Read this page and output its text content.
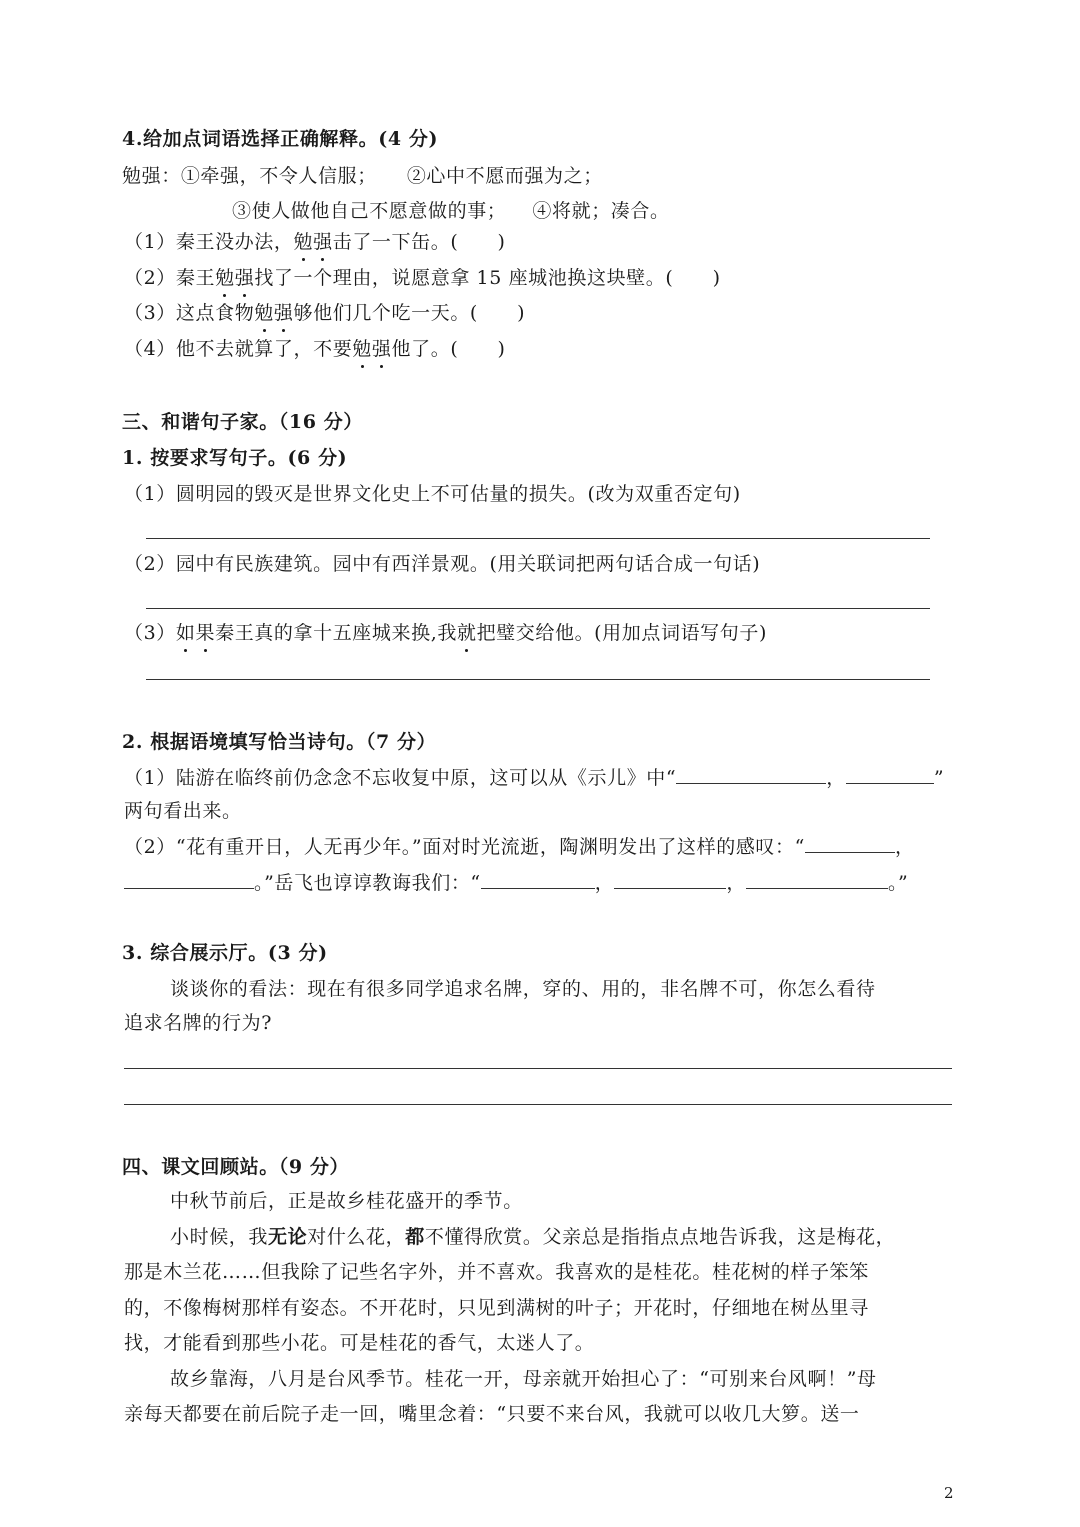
4.给加点词语选择正确解释。(4 分)
勉强：①牵强，不令人信服； ②心中不愿而强为之；
③使人做他自己不愿意做的事； ④将就；凑合。
（1）秦王没办法，勉强击了一下缶。(　　)
（2）秦王勉强找了一个理由，说愿意拿 15 座城池换这块壁。(　　)
（3）这点食物勉强够他们几个吃一天。(　　)
（4）他不去就算了，不要勉强他了。(　　)
三、和谐句子家。（16 分）
1. 按要求写句子。(6 分)
（1）圆明园的毁灭是世界文化史上不可估量的损失。(改为双重否定句)
（2）园中有民族建筑。园中有西洋景观。(用关联词把两句话合成一句话)
（3）如果秦王真的拿十五座城来换,我就把璧交给他。(用加点词语写句子)
2. 根据语境填写恰当诗句。（7 分）
（1）陆游在临终前仍念念不忘收复中原，这可以从《示儿》中“	，	”
两句看出来。
（2）“花有重开日，人无再少年。”面对时光流逝，陶渊明发出了这样的感叹：“	，
。”岳飞也谆谆教诲我们：“	，	，	。”
3. 综合展示厅。(3 分)
谈谈你的看法：现在有很多同学追求名牌，穿的、用的，非名牌不可，你怎么看待
追求名牌的行为?
四、课文回顾站。（9 分）
中秋节前后，正是故乡桂花盛开的季节。
小时候，我无论对什么花，都不懂得欣赏。父亲总是指指点点地告诉我，这是梅花，
那是木兰花……但我除了记些名字外，并不喜欢。我喜欢的是桂花。桂花树的样子笨笨
的，不像梅树那样有姿态。不开花时，只见到满树的叶子；开花时，仔细地在树丛里寻
找，才能看到那些小花。可是桂花的香气，太迷人了。
故乡靠海，八月是台风季节。桂花一开，母亲就开始担心了：“可别来台风啊！”母
亲每天都要在前后院子走一回，嘴里念着：“只要不来台风，我就可以收几大箩。送一
2
